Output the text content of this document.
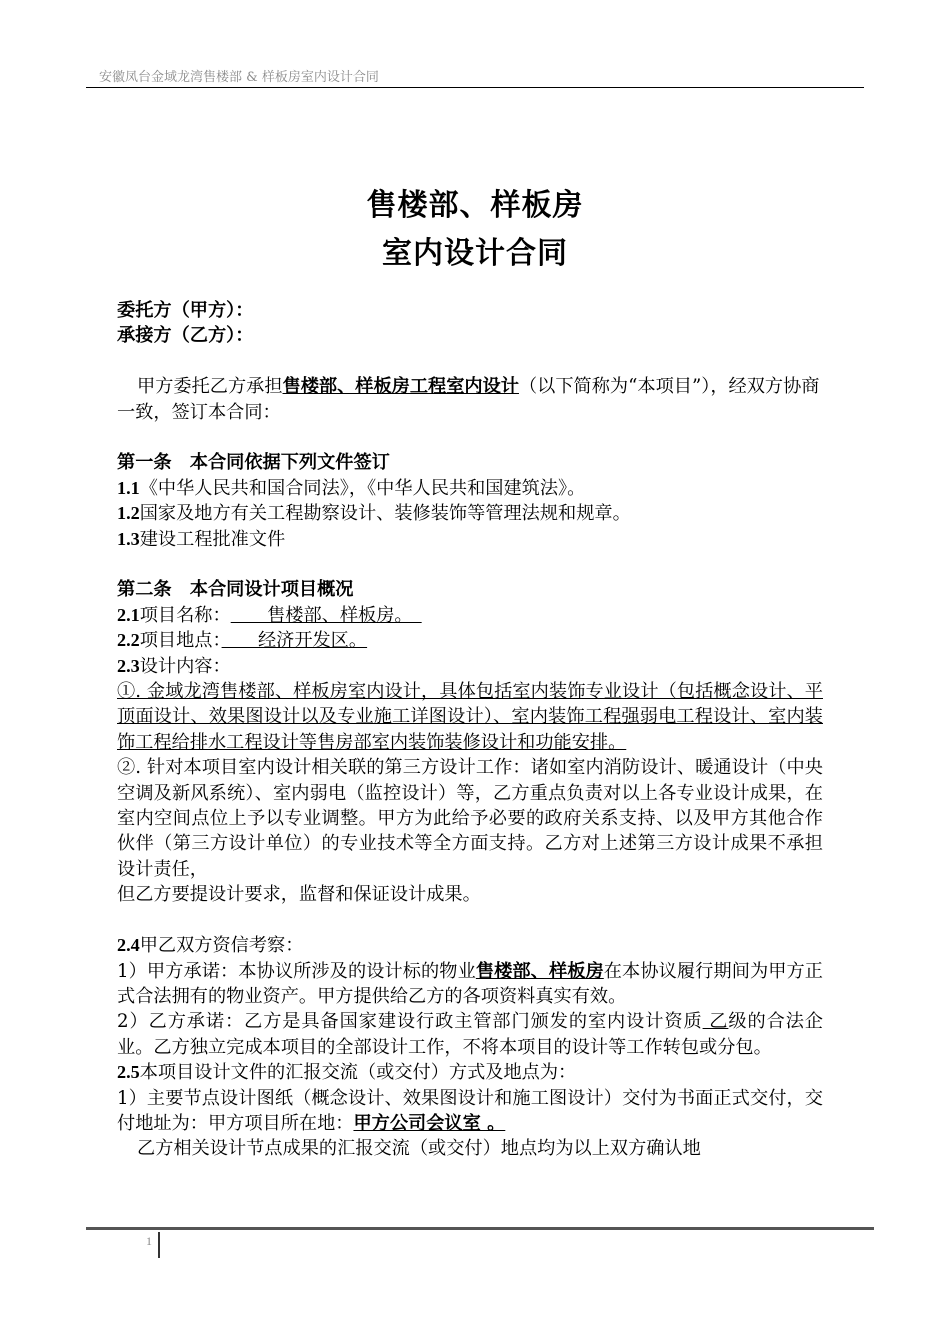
安徽凤台金域龙湾售楼部 & 样板房室内设计合同
售楼部、样板房
室内设计合同

委托方（甲方）：

承接方（乙方）：

甲方委托乙方承担售楼部、样板房工程室内设计（以下简称为“本项目”），经双方协商一致，签订本合同：

第一条　本合同依据下列文件签订

1.1《中华人民共和国合同法》，《中华人民共和国建筑法》。

1.2国家及地方有关工程勘察设计、装修装饰等管理法规和规章。

1.3建设工程批准文件

第二条　本合同设计项目概况

2.1项目名称：　　售楼部、样板房。　

2.2项目地点：　　经济开发区。

2.3设计内容：

①. 金域龙湾售楼部、样板房室内设计，具体包括室内装饰专业设计（包括概念设计、平顶面设计、效果图设计以及专业施工详图设计）、室内装饰工程强弱电工程设计、室内装饰工程给排水工程设计等售房部室内装饰装修设计和功能安排。

②. 针对本项目室内设计相关联的第三方设计工作：诸如室内消防设计、暖通设计（中央空调及新风系统）、室内弱电（监控设计）等，乙方重点负责对以上各专业设计成果，在室内空间点位上予以专业调整。甲方为此给予必要的政府关系支持、以及甲方其他合作伙伴（第三方设计单位）的专业技术等全方面支持。乙方对上述第三方设计成果不承担设计责任，

但乙方要提设计要求，监督和保证设计成果。

2.4甲乙双方资信考察：

1）甲方承诺：本协议所涉及的设计标的物业售楼部、样板房在本协议履行期间为甲方正式合法拥有的物业资产。甲方提供给乙方的各项资料真实有效。

2）乙方承诺：乙方是具备国家建设行政主管部门颁发的室内设计资质 乙级的合法企业。乙方独立完成本项目的全部设计工作，不将本项目的设计等工作转包或分包。

2.5本项目设计文件的汇报交流（或交付）方式及地点为：

1）主要节点设计图纸（概念设计、效果图设计和施工图设计）交付为书面正式交付，交付地址为：甲方项目所在地：甲方公司会议室 。

乙方相关设计节点成果的汇报交流（或交付）地点均为以上双方确认地

1
